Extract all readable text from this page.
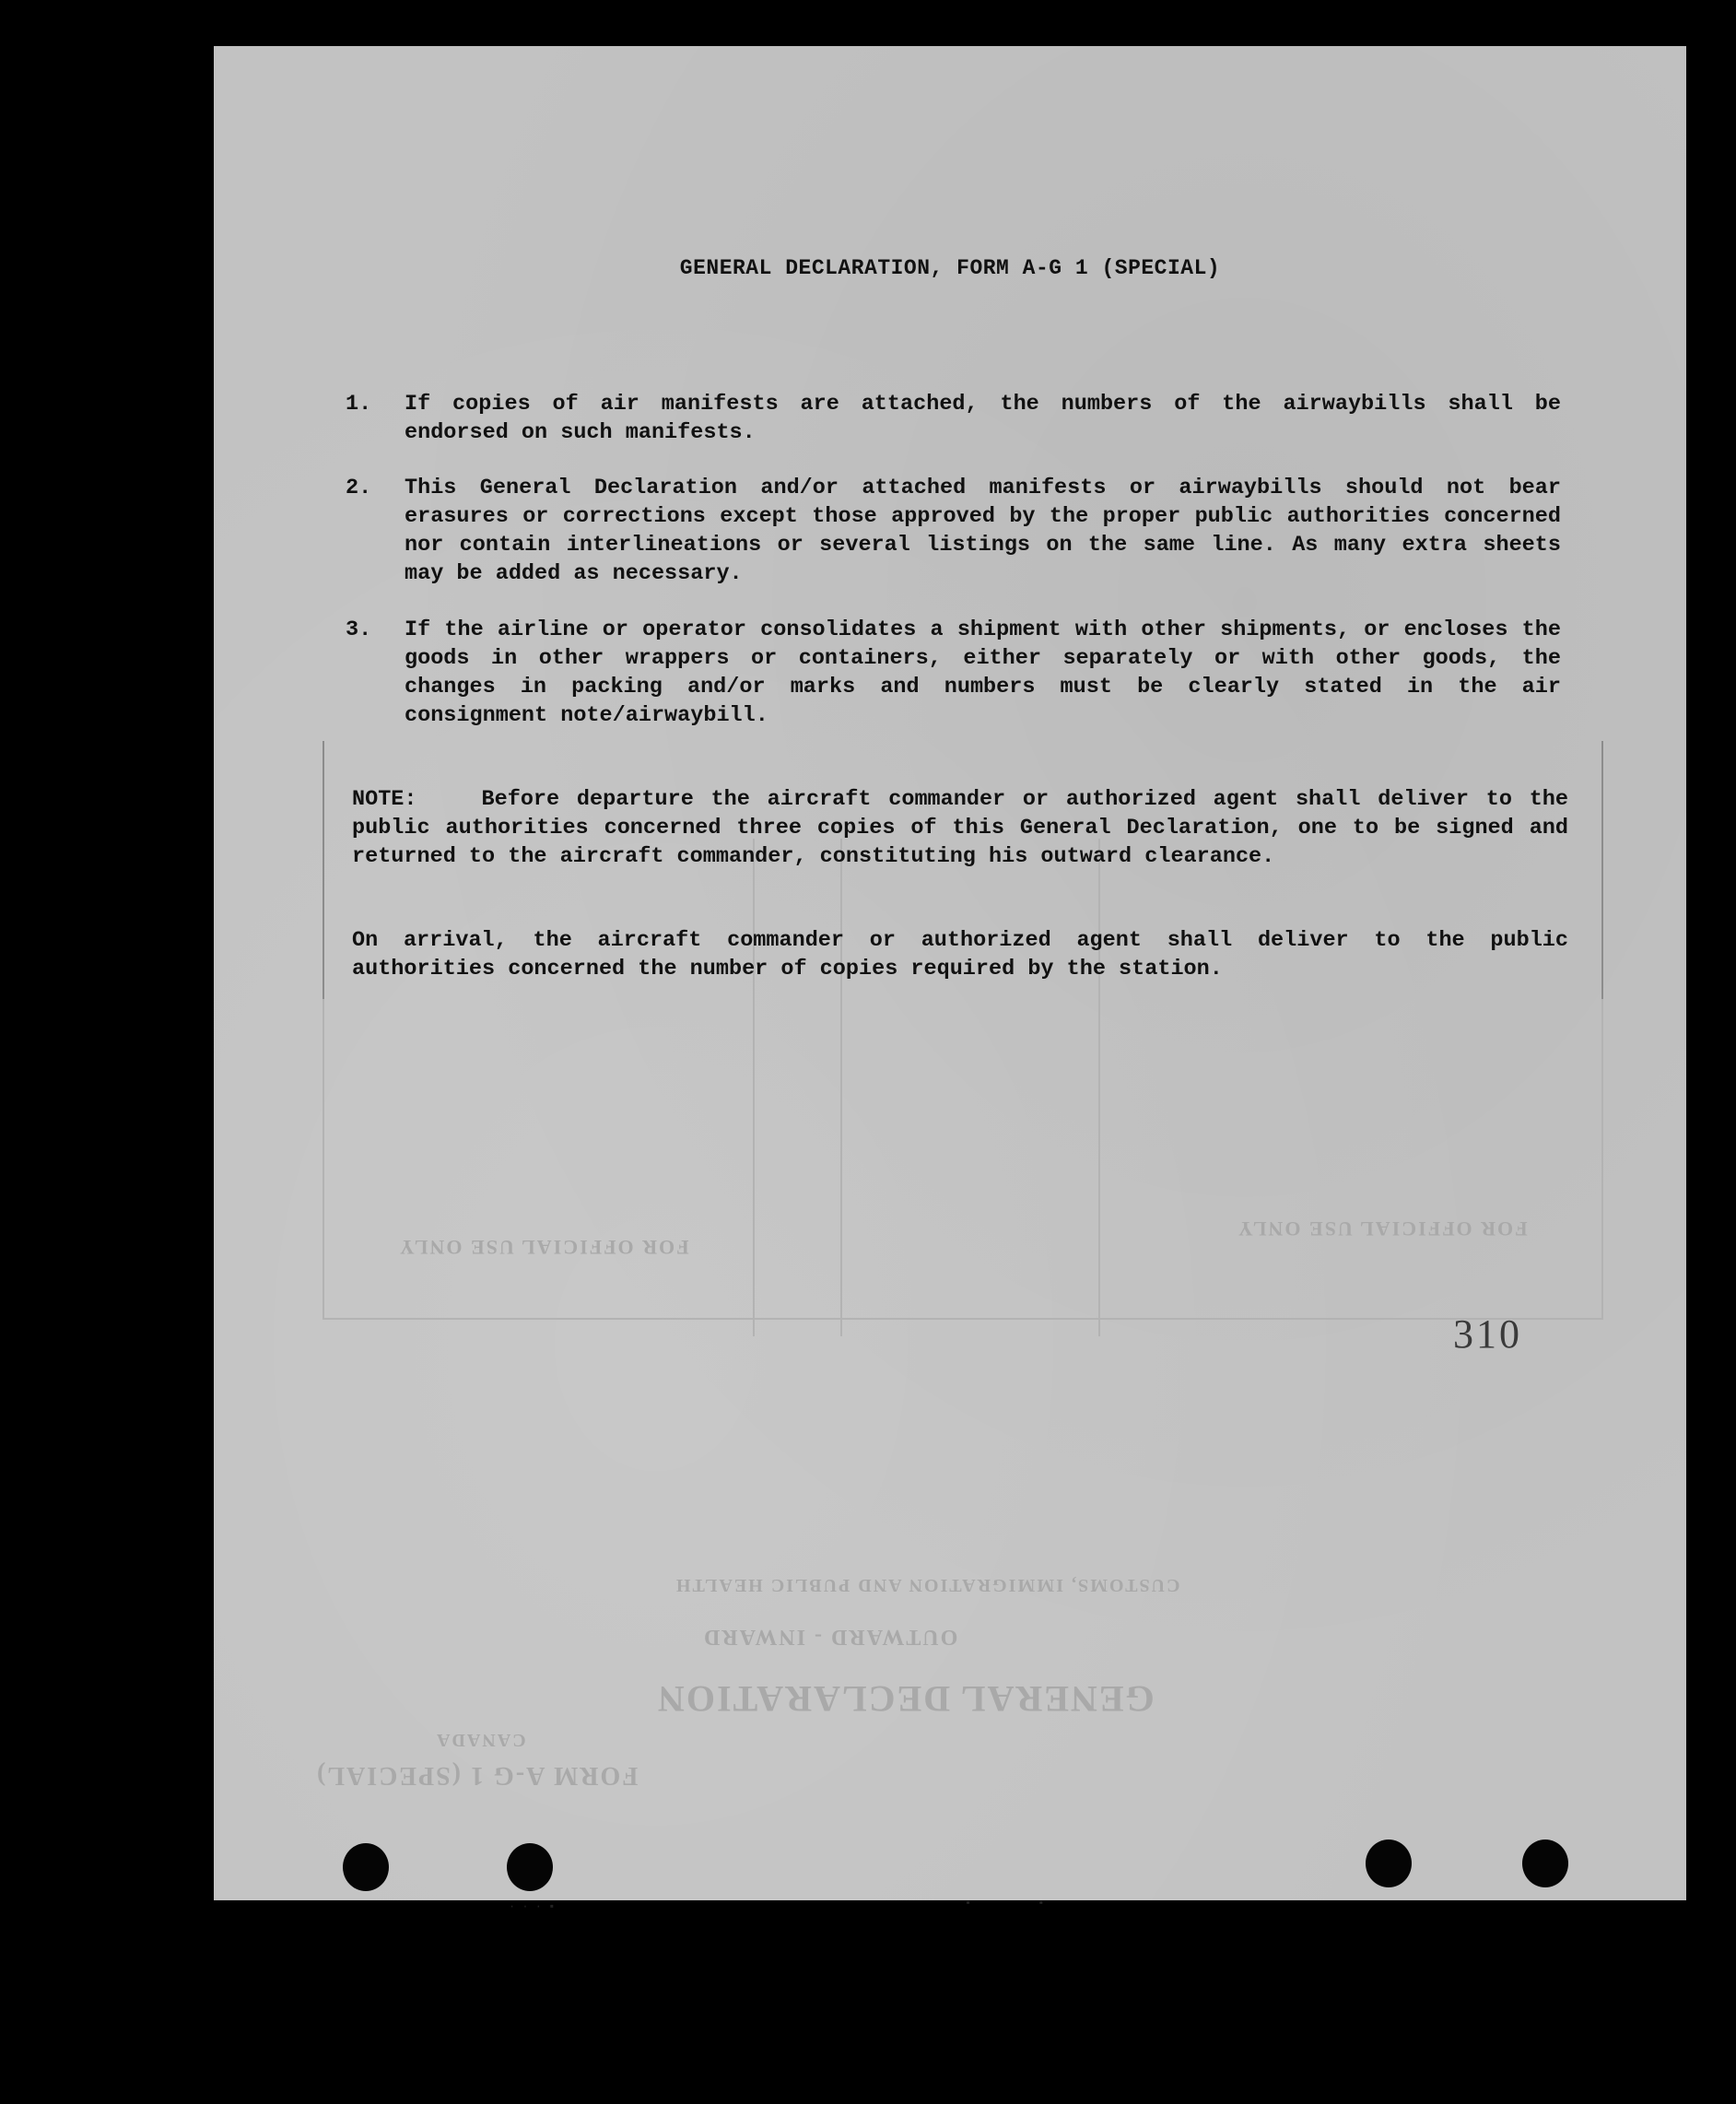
GENERAL DECLARATION
OUTWARD - INWARD
CUSTOMS, IMMIGRATION AND PUBLIC HEALTH
FORM A-G 1 (SPECIAL)
CANADA
FOR OFFICIAL USE ONLY
FOR OFFICIAL USE ONLY
GENERAL DECLARATION, FORM A-G 1 (SPECIAL)
1. If copies of air manifests are attached, the numbers of the airwaybills shall be endorsed on such manifests.
2. This General Declaration and/or attached manifests or airwaybills should not bear erasures or corrections except those approved by the proper public authorities concerned nor contain interlineations or several listings on the same line. As many extra sheets may be added as necessary.
3. If the airline or operator consolidates a shipment with other shipments, or encloses the goods in other wrappers or containers, either separately or with other goods, the changes in packing and/or marks and numbers must be clearly stated in the air consignment note/airwaybill.
NOTE:	Before departure the aircraft commander or authorized agent shall deliver to the public authorities concerned three copies of this General Declaration, one to be signed and returned to the aircraft commander, constituting his outward clearance.
On arrival, the aircraft commander or authorized agent shall deliver to the public authorities concerned the number of copies required by the station.
310
· · · ▪	▪          ▪
